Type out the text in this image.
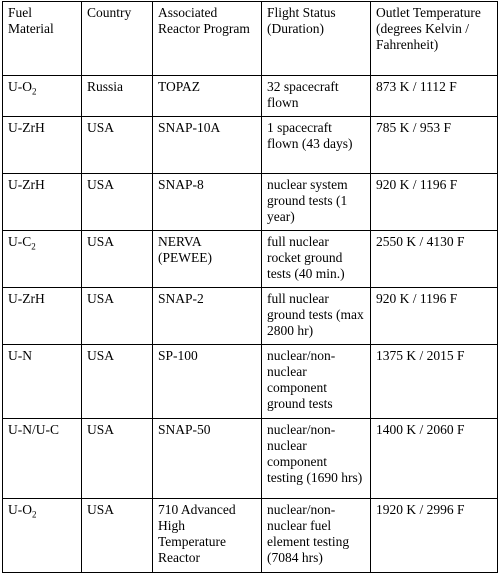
Fuel Material	Country	Associated Reactor Program	Flight Status (Duration)	Outlet Temperature (degrees Kelvin / Fahrenheit)
$U-O_2$	Russia	TOPAZ	32 spacecraft flown	873 K / 1112 F
U-ZrH	USA	SNAP-10A	1 spacecraft flown (43 days)	785 K / 953 F
U-ZrH	USA	SNAP-8	nuclear system ground tests (1 year)	920 K / 1196 F
$U-C_2$	USA	NERVA (PEWEE)	full nuclear rocket ground tests (40 min.)	2550 K / 4130 F
U-ZrH	USA	SNAP-2	full nuclear ground tests (max 2800 hr)	920 K / 1196 F
U-N	USA	SP-100	nuclear/non-nuclear component ground tests	1375 K / 2015 F
U-N/U-C	USA	SNAP-50	nuclear/non-nuclear component testing (1690 hrs)	1400 K / 2060 F
$U-O_2$	USA	710 Advanced High Temperature Reactor	nuclear/non-nuclear fuel element testing (7084 hrs)	1920 K / 2996 F
